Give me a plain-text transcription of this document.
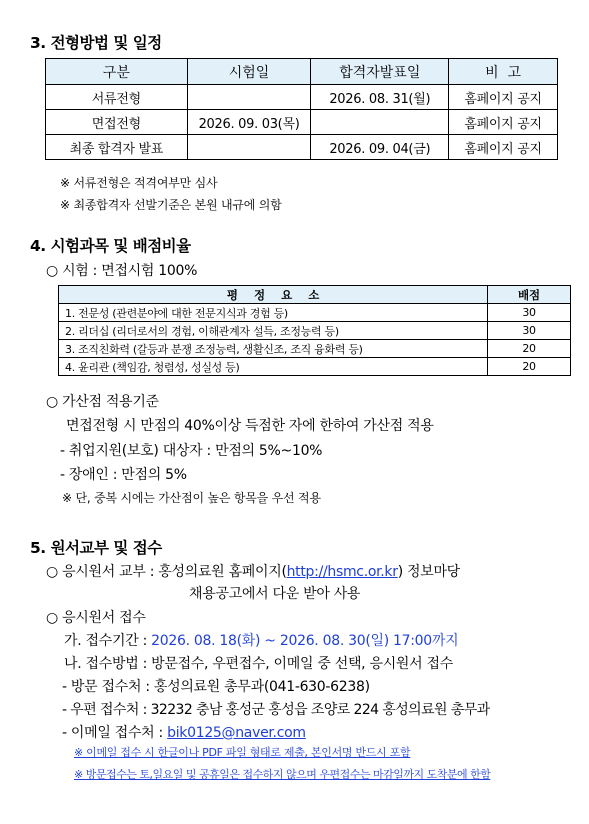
3. 전형방법 및 일정
구분	시험일	합격자발표일	비  고
서류전형		2026. 08. 31(월)	홈페이지 공지
면접전형	2026. 09. 03(목)		홈페이지 공지
최종 합격자 발표		2026. 09. 04(금)	홈페이지 공지
※ 서류전형은 적격여부만 심사
※ 최종합격자 선발기준은 본원 내규에 의함
4. 시험과목 및 배점비율
○ 시험 : 면접시험 100%
평    정    요    소	배점
1. 전문성 (관련분야에 대한 전문지식과 경험 등)	30
2. 리더십 (리더로서의 경험, 이해관계자 설득, 조정능력 등)	30
3. 조직친화력 (갈등과 분쟁 조정능력, 생활신조, 조직 융화력 등)	20
4. 윤리관 (책임감, 청렴성, 성실성 등)	20
○ 가산점 적용기준
면접전형 시 만점의 40%이상 득점한 자에 한하여 가산점 적용
- 취업지원(보호) 대상자 : 만점의 5%~10%
- 장애인 : 만점의 5%
※ 단, 중복 시에는 가산점이 높은 항목을 우선 적용
5. 원서교부 및 접수
○ 응시원서 교부 : 홍성의료원 홈페이지(http://hsmc.or.kr) 정보마당
채용공고에서 다운 받아 사용
○ 응시원서 접수
가. 접수기간 : 2026. 08. 18(화) ~ 2026. 08. 30(일) 17:00까지
나. 접수방법 : 방문접수, 우편접수, 이메일 중 선택, 응시원서 접수
- 방문 접수처 : 홍성의료원 총무과(041-630-6238)
- 우편 접수처 : 32232 충남 홍성군 홍성읍 조양로 224 홍성의료원 총무과
- 이메일 접수처 : bik0125@naver.com
※ 이메일 접수 시 한글이나 PDF 파일 형태로 제출, 본인서명 반드시 포함
※ 방문접수는 토,일요일 및 공휴일은 접수하지 않으며 우편접수는 마감일까지 도착분에 한함
